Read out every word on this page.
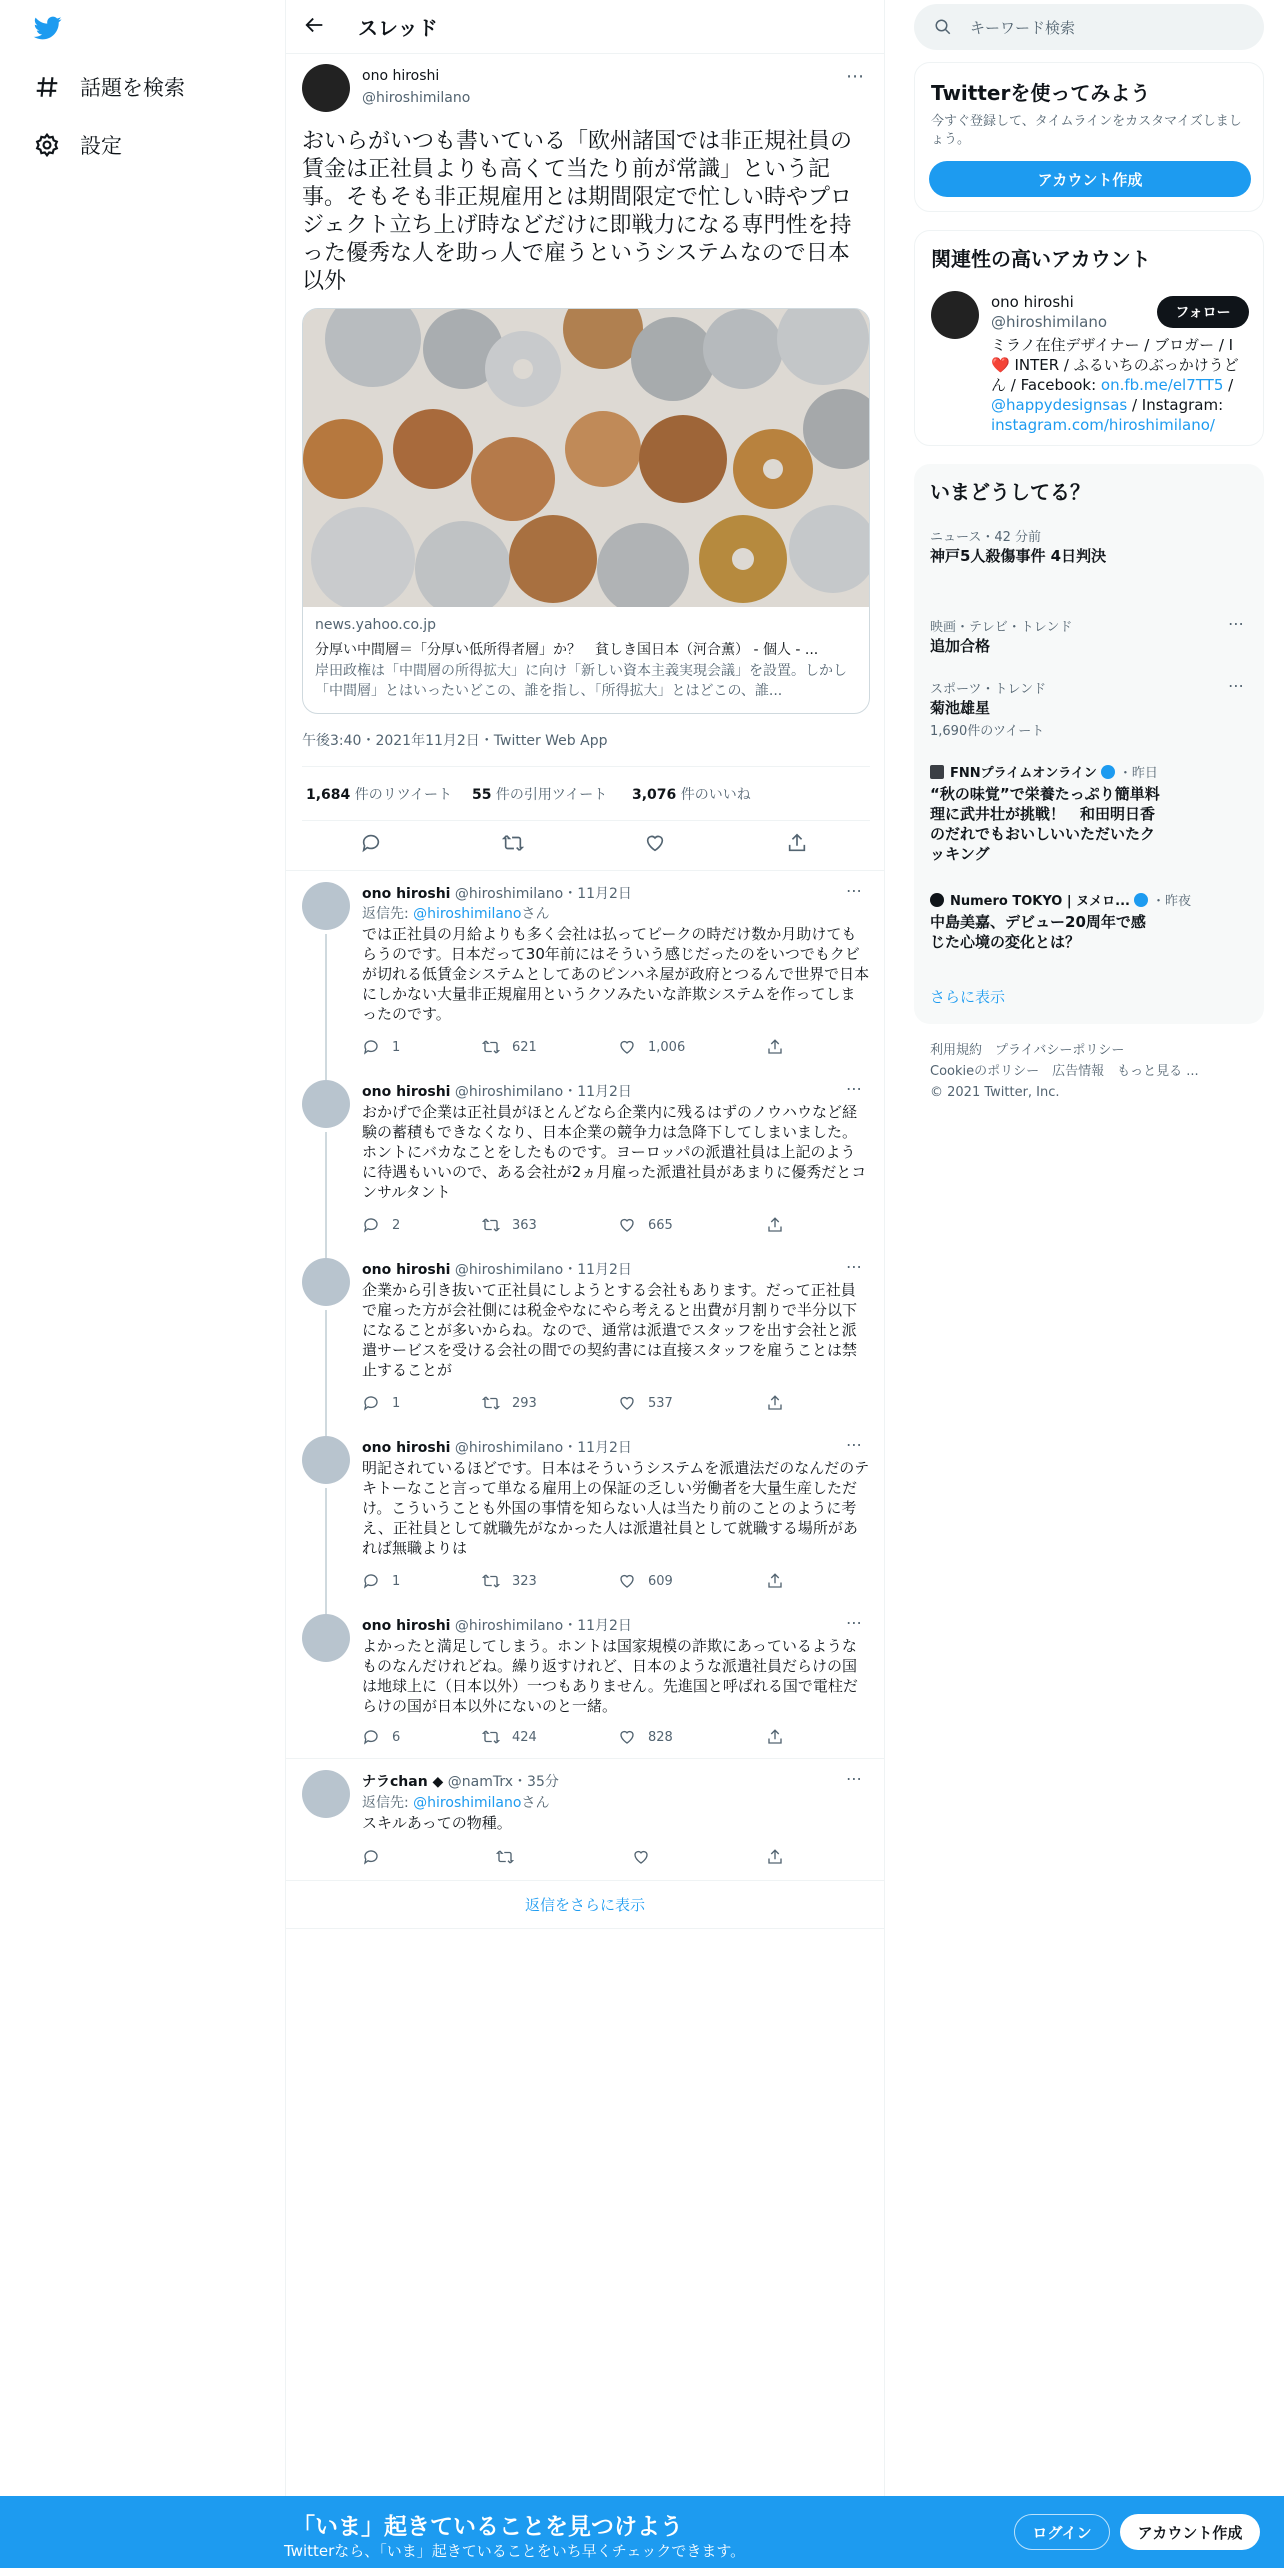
話題を検索
設定
スレッド
ono hiroshi
@hiroshimilano
⋯
おいらがいつも書いている「欧州諸国では非正規社員の賃金は正社員よりも高くて当たり前が常識」という記事。そもそも非正規雇用とは期間限定で忙しい時やプロジェクト立ち上げ時などだけに即戦力になる専門性を持った優秀な人を助っ人で雇うというシステムなので日本以外
news.yahoo.co.jp
分厚い中間層＝「分厚い低所得者層」か？　貧しき国日本（河合薫） - 個人 - ...
岸田政権は「中間層の所得拡大」に向け「新しい資本主義実現会議」を設置。しかし「中間層」とはいったいどこの、誰を指し、「所得拡大」とはどこの、誰...
午後3:40・2021年11月2日・Twitter Web App
1,684 件のリツイート 55 件の引用ツイート 3,076 件のいいね
ono hiroshi @hiroshimilano・11月2日	⋯
返信先: @hiroshimilanoさん
では正社員の月給よりも多く会社は払ってピークの時だけ数か月助けてもらうのです。日本だって30年前にはそういう感じだったのをいつでもクビが切れる低賃金システムとしてあのピンハネ屋が政府とつるんで世界で日本にしかない大量非正規雇用というクソみたいな詐欺システムを作ってしまったのです。
1	621	1,006
ono hiroshi @hiroshimilano・11月2日	⋯
おかげで企業は正社員がほとんどなら企業内に残るはずのノウハウなど経験の蓄積もできなくなり、日本企業の競争力は急降下してしまいました。ホントにバカなことをしたものです。ヨーロッパの派遣社員は上記のように待遇もいいので、ある会社が2ヵ月雇った派遣社員があまりに優秀だとコンサルタント
2	363	665
ono hiroshi @hiroshimilano・11月2日	⋯
企業から引き抜いて正社員にしようとする会社もあります。だって正社員で雇った方が会社側には税金やなにやら考えると出費が月割りで半分以下になることが多いからね。なので、通常は派遣でスタッフを出す会社と派遣サービスを受ける会社の間での契約書には直接スタッフを雇うことは禁止することが
1	293	537
ono hiroshi @hiroshimilano・11月2日	⋯
明記されているほどです。日本はそういうシステムを派遣法だのなんだのテキトーなこと言って単なる雇用上の保証の乏しい労働者を大量生産しただけ。こういうことも外国の事情を知らない人は当たり前のことのように考え、正社員として就職先がなかった人は派遣社員として就職する場所があれば無職よりは
1	323	609
ono hiroshi @hiroshimilano・11月2日	⋯
よかったと満足してしまう。ホントは国家規模の詐欺にあっているようなものなんだけれどね。繰り返すけれど、日本のような派遣社員だらけの国は地球上に（日本以外）一つもありません。先進国と呼ばれる国で電柱だらけの国が日本以外にないのと一緒。
6	424	828
ナラchan ◆ @namTrx・35分	⋯
返信先: @hiroshimilanoさん
スキルあっての物種。
返信をさらに表示
キーワード検索
Twitterを使ってみよう
今すぐ登録して、タイムラインをカスタマイズしましょう。
アカウント作成
関連性の高いアカウント
ono hiroshi
@hiroshimilano	フォロー
ミラノ在住デザイナー / ブロガー / I ❤️ INTER / ふるいちのぶっかけうどん / Facebook: on.fb.me/el7TT5 / @happydesignsas / Instagram: instagram.com/hiroshimilano/
いまどうしてる？
ニュース・42 分前
神戸5人殺傷事件 4日判決
映画・テレビ・トレンド
追加合格
⋯
スポーツ・トレンド
菊池雄星
1,690件のツイート
⋯
FNNプライムオンライン ・昨日
“秋の味覚”で栄養たっぷり簡単料理に武井壮が挑戦！　和田明日香のだれでもおいしいいただいたクッキング
Numero TOKYO | ヌメロ... ・昨夜
中島美嘉、デビュー20周年で感じた心境の変化とは？
さらに表示
利用規約　プライバシーポリシー
Cookieのポリシー　広告情報　もっと見る ...
© 2021 Twitter, Inc.
「いま」起きていることを見つけよう
Twitterなら、「いま」起きていることをいち早くチェックできます。
ログイン	アカウント作成
